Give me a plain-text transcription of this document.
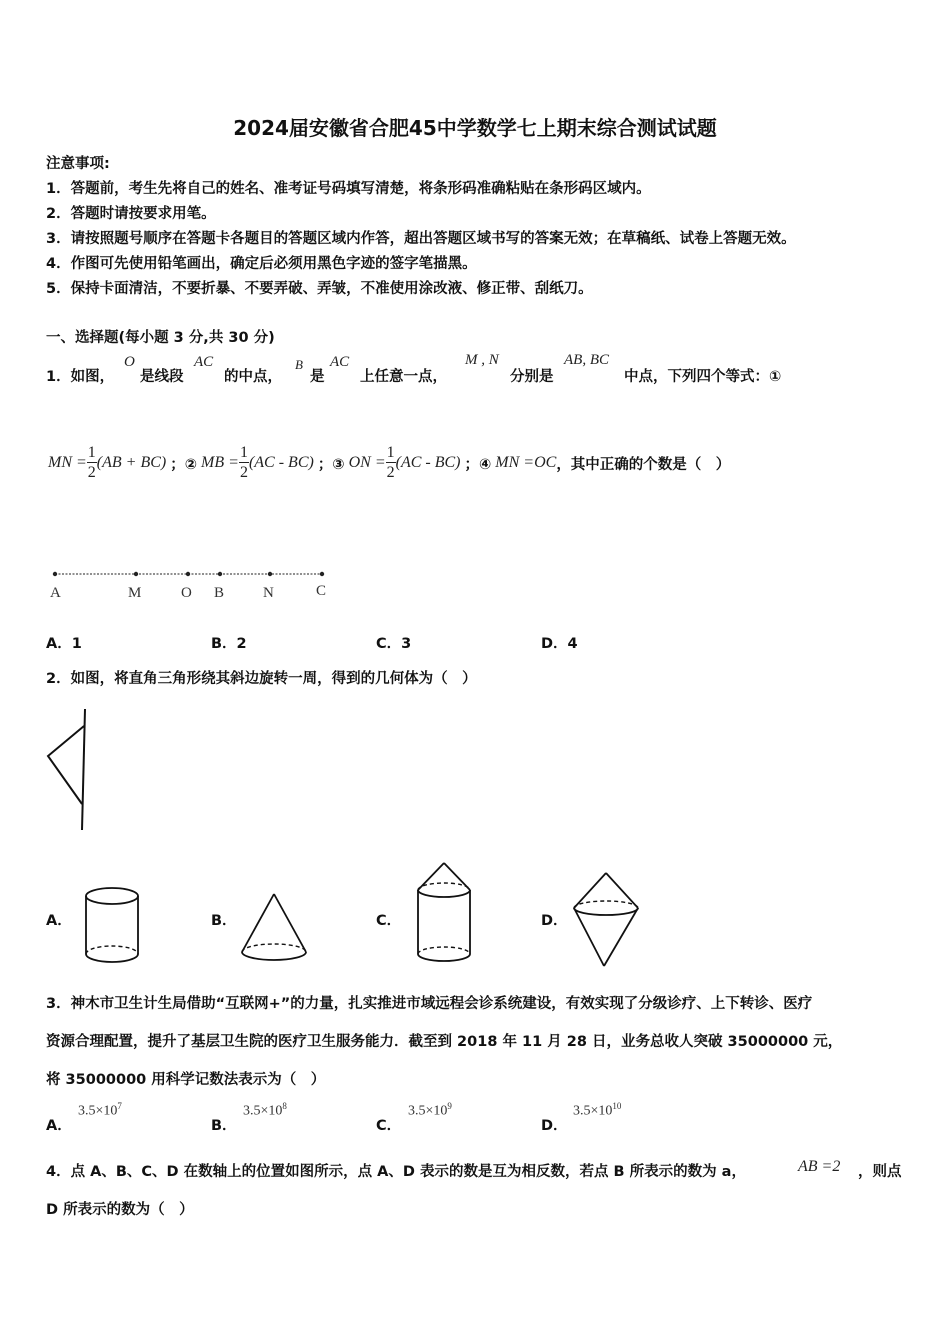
2024届安徽省合肥45中学数学七上期末综合测试试题
注意事项:
1．答题前，考生先将自己的姓名、准考证号码填写清楚，将条形码准确粘贴在条形码区域内。
2．答题时请按要求用笔。
3．请按照题号顺序在答题卡各题目的答题区域内作答，超出答题区域书写的答案无效；在草稿纸、试卷上答题无效。
4．作图可先使用铅笔画出，确定后必须用黑色字迹的签字笔描黑。
5．保持卡面清洁，不要折暴、不要弄破、弄皱，不准使用涂改液、修正带、刮纸刀。
一、选择题(每小题 3 分,共 30 分)
1．如图，
O
是线段
AC
的中点，
B
是
AC
上任意一点，
M , N
分别是
AB, BC
中点，下列四个等式：①
MN = $\frac{1}{2} (AB + BC)$ ；② MB = $\frac{1}{2} (AC - BC)$ ；③ ON = $\frac{1}{2} (AC - BC)$ ；④ MN =OC ，其中正确的个数是（　）
A	M	O B	N	C
A．1	B．2	C．3	D．4
2．如图，将直角三角形绕其斜边旋转一周，得到的几何体为（　）
A．	B．	C．	D．
3．神木市卫生计生局借助“互联网+”的力量，扎实推进市域远程会诊系统建设，有效实现了分级诊疗、上下转诊、医疗
资源合理配置，提升了基层卫生院的医疗卫生服务能力．截至到 2018 年 11 月 28 日，业务总收人突破 35000000 元，
将 35000000 用科学记数法表示为（　）
A．
$3.5\times 10^7$
B．
$3.5\times 10^8$
C．
$3.5\times 10^9$
D．
$3.5\times 10^{10}$
4．点 A、B、C、D 在数轴上的位置如图所示，点 A、D 表示的数是互为相反数，若点 B 所表示的数为 a，	AB =2 ，则点
D 所表示的数为（　）
